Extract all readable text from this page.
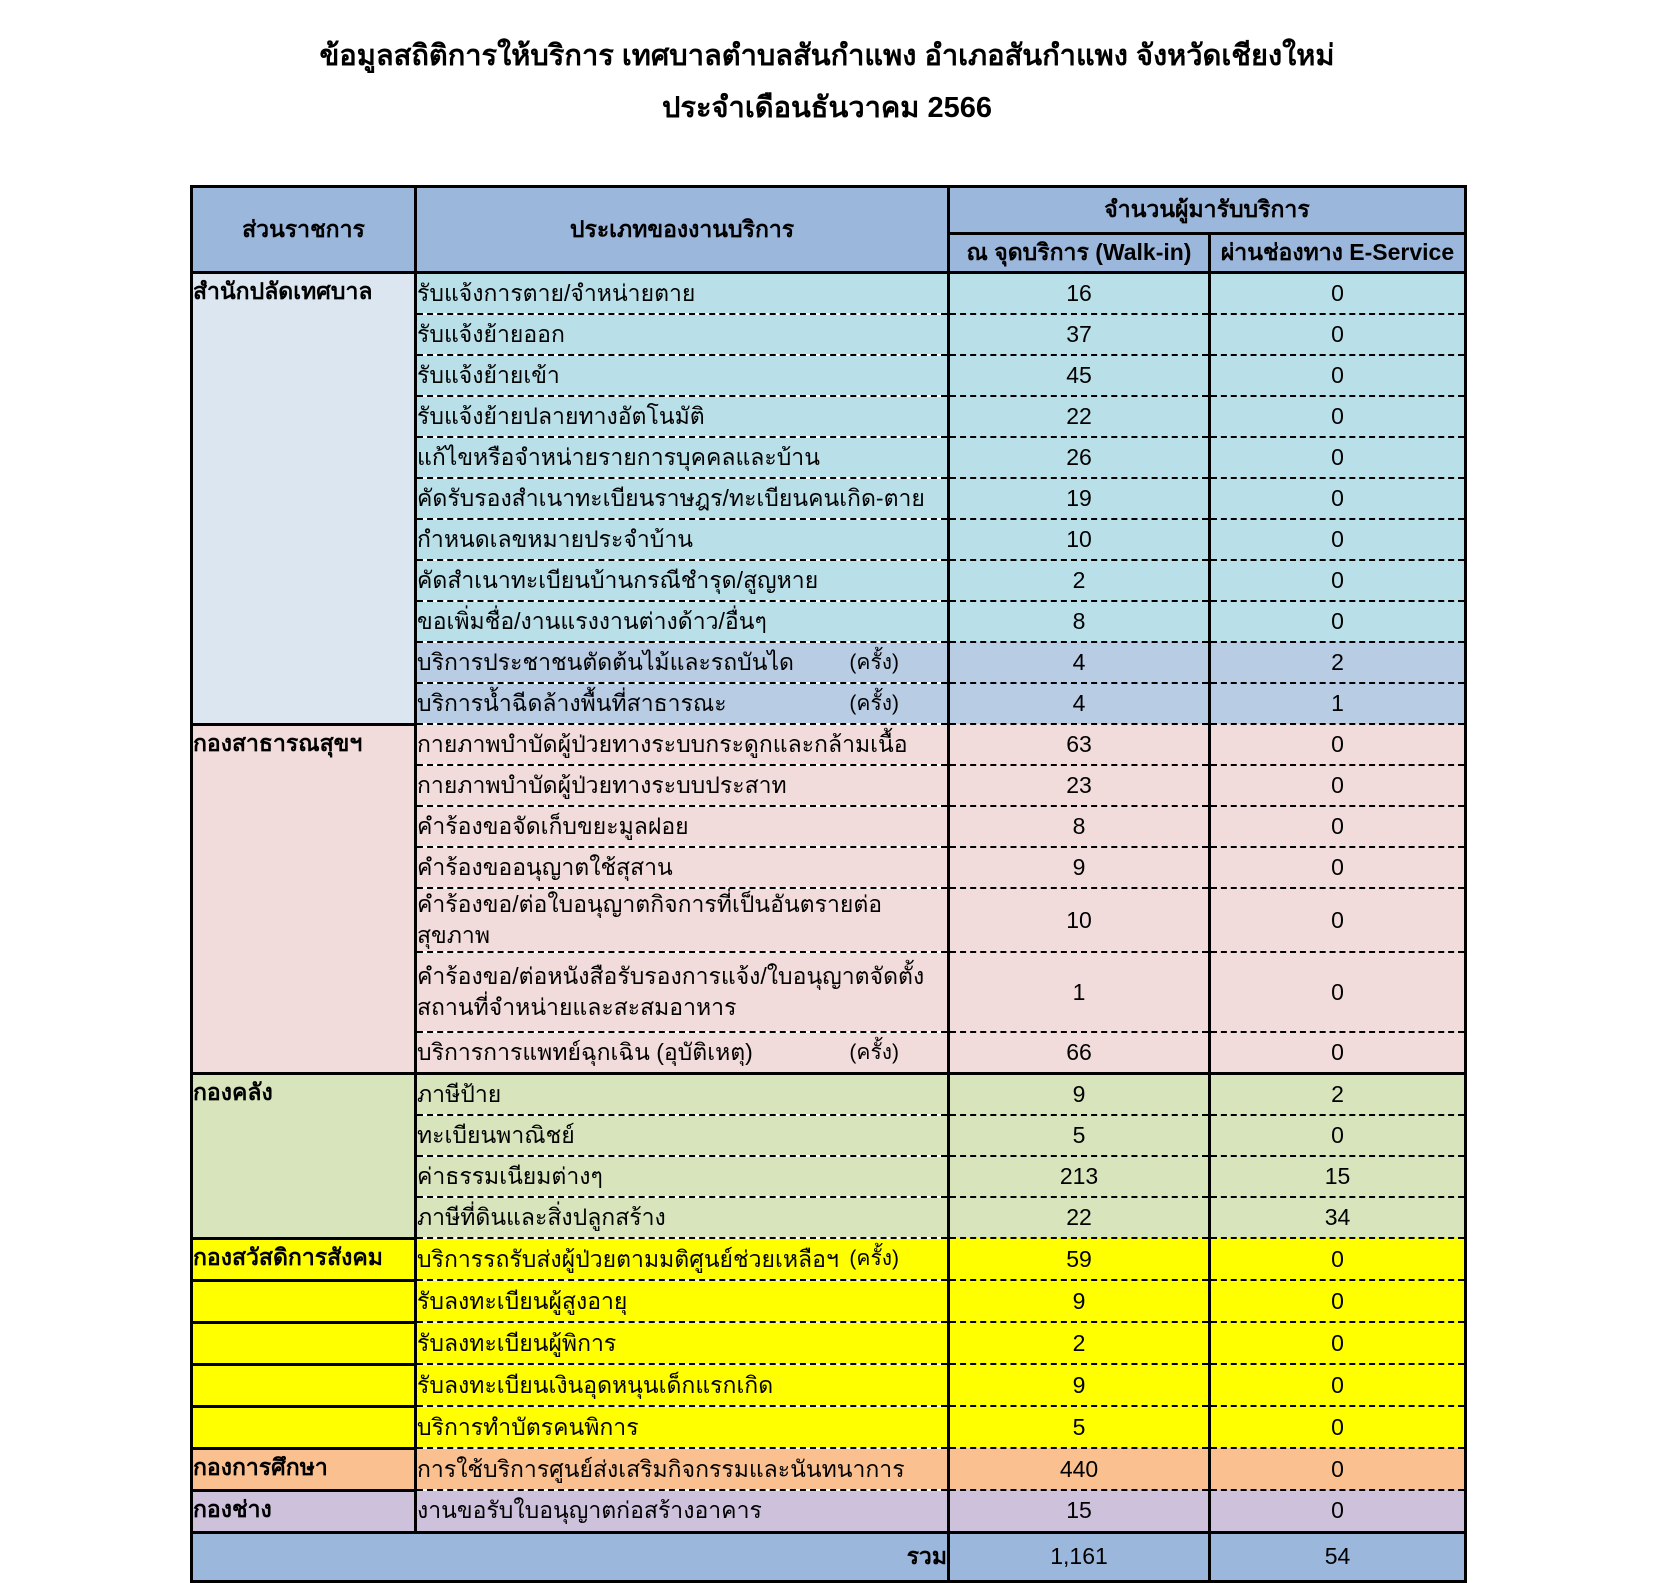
ข้อมูลสถิติการให้บริการ เทศบาลตำบลสันกำแพง อำเภอสันกำแพง จังหวัดเชียงใหม่
ประจำเดือนธันวาคม 2566
ส่วนราชการ	ประเภทของงานบริการ	จำนวนผู้มารับบริการ	
		ณ จุดบริการ (Walk-in)	ผ่านช่องทาง E-Service
สำนักปลัดเทศบาล	รับแจ้งการตาย/จำหน่ายตาย	16	0

	รับแจ้งย้ายออก	37	0

	รับแจ้งย้ายเข้า	45	0

	รับแจ้งย้ายปลายทางอัตโนมัติ	22	0

	แก้ไขหรือจำหน่ายรายการบุคคลและบ้าน	26	0

	คัดรับรองสำเนาทะเบียนราษฎร/ทะเบียนคนเกิด-ตาย	19	0

	กำหนดเลขหมายประจำบ้าน	10	0

	คัดสำเนาทะเบียนบ้านกรณีชำรุด/สูญหาย	2	0

	ขอเพิ่มชื่อ/งานแรงงานต่างด้าว/อื่นๆ	8	0

	บริการประชาชนตัดต้นไม้และรถบันได (ครั้ง)	4	2

	บริการน้ำฉีดล้างพื้นที่สาธารณะ (ครั้ง)	4	1
กองสาธารณสุขฯ	กายภาพบำบัดผู้ป่วยทางระบบกระดูกและกล้ามเนื้อ	63	0

	กายภาพบำบัดผู้ป่วยทางระบบประสาท	23	0

	คำร้องขอจัดเก็บขยะมูลฝอย	8	0

	คำร้องขออนุญาตใช้สุสาน	9	0

	คำร้องขอ/ต่อใบอนุญาตกิจการที่เป็นอันตรายต่อสุขภาพ	10	0

	คำร้องขอ/ต่อหนังสือรับรองการแจ้ง/ใบอนุญาตจัดตั้ง
สถานที่จำหน่ายและสะสมอาหาร	1	0

	บริการการแพทย์ฉุกเฉิน (อุบัติเหตุ) (ครั้ง)	66	0
กองคลัง	ภาษีป้าย	9	2

	ทะเบียนพาณิชย์	5	0

	ค่าธรรมเนียมต่างๆ	213	15

	ภาษีที่ดินและสิ่งปลูกสร้าง	22	34
กองสวัสดิการสังคม	บริการรถรับส่งผู้ป่วยตามมติศูนย์ช่วยเหลือฯ (ครั้ง)	59	0

	รับลงทะเบียนผู้สูงอายุ	9	0

	รับลงทะเบียนผู้พิการ	2	0

	รับลงทะเบียนเงินอุดหนุนเด็กแรกเกิด	9	0

	บริการทำบัตรคนพิการ	5	0
กองการศึกษา	การใช้บริการศูนย์ส่งเสริมกิจกรรมและนันทนาการ	440	0
กองช่าง	งานขอรับใบอนุญาตก่อสร้างอาคาร	15	0
รวม		1,161	54
